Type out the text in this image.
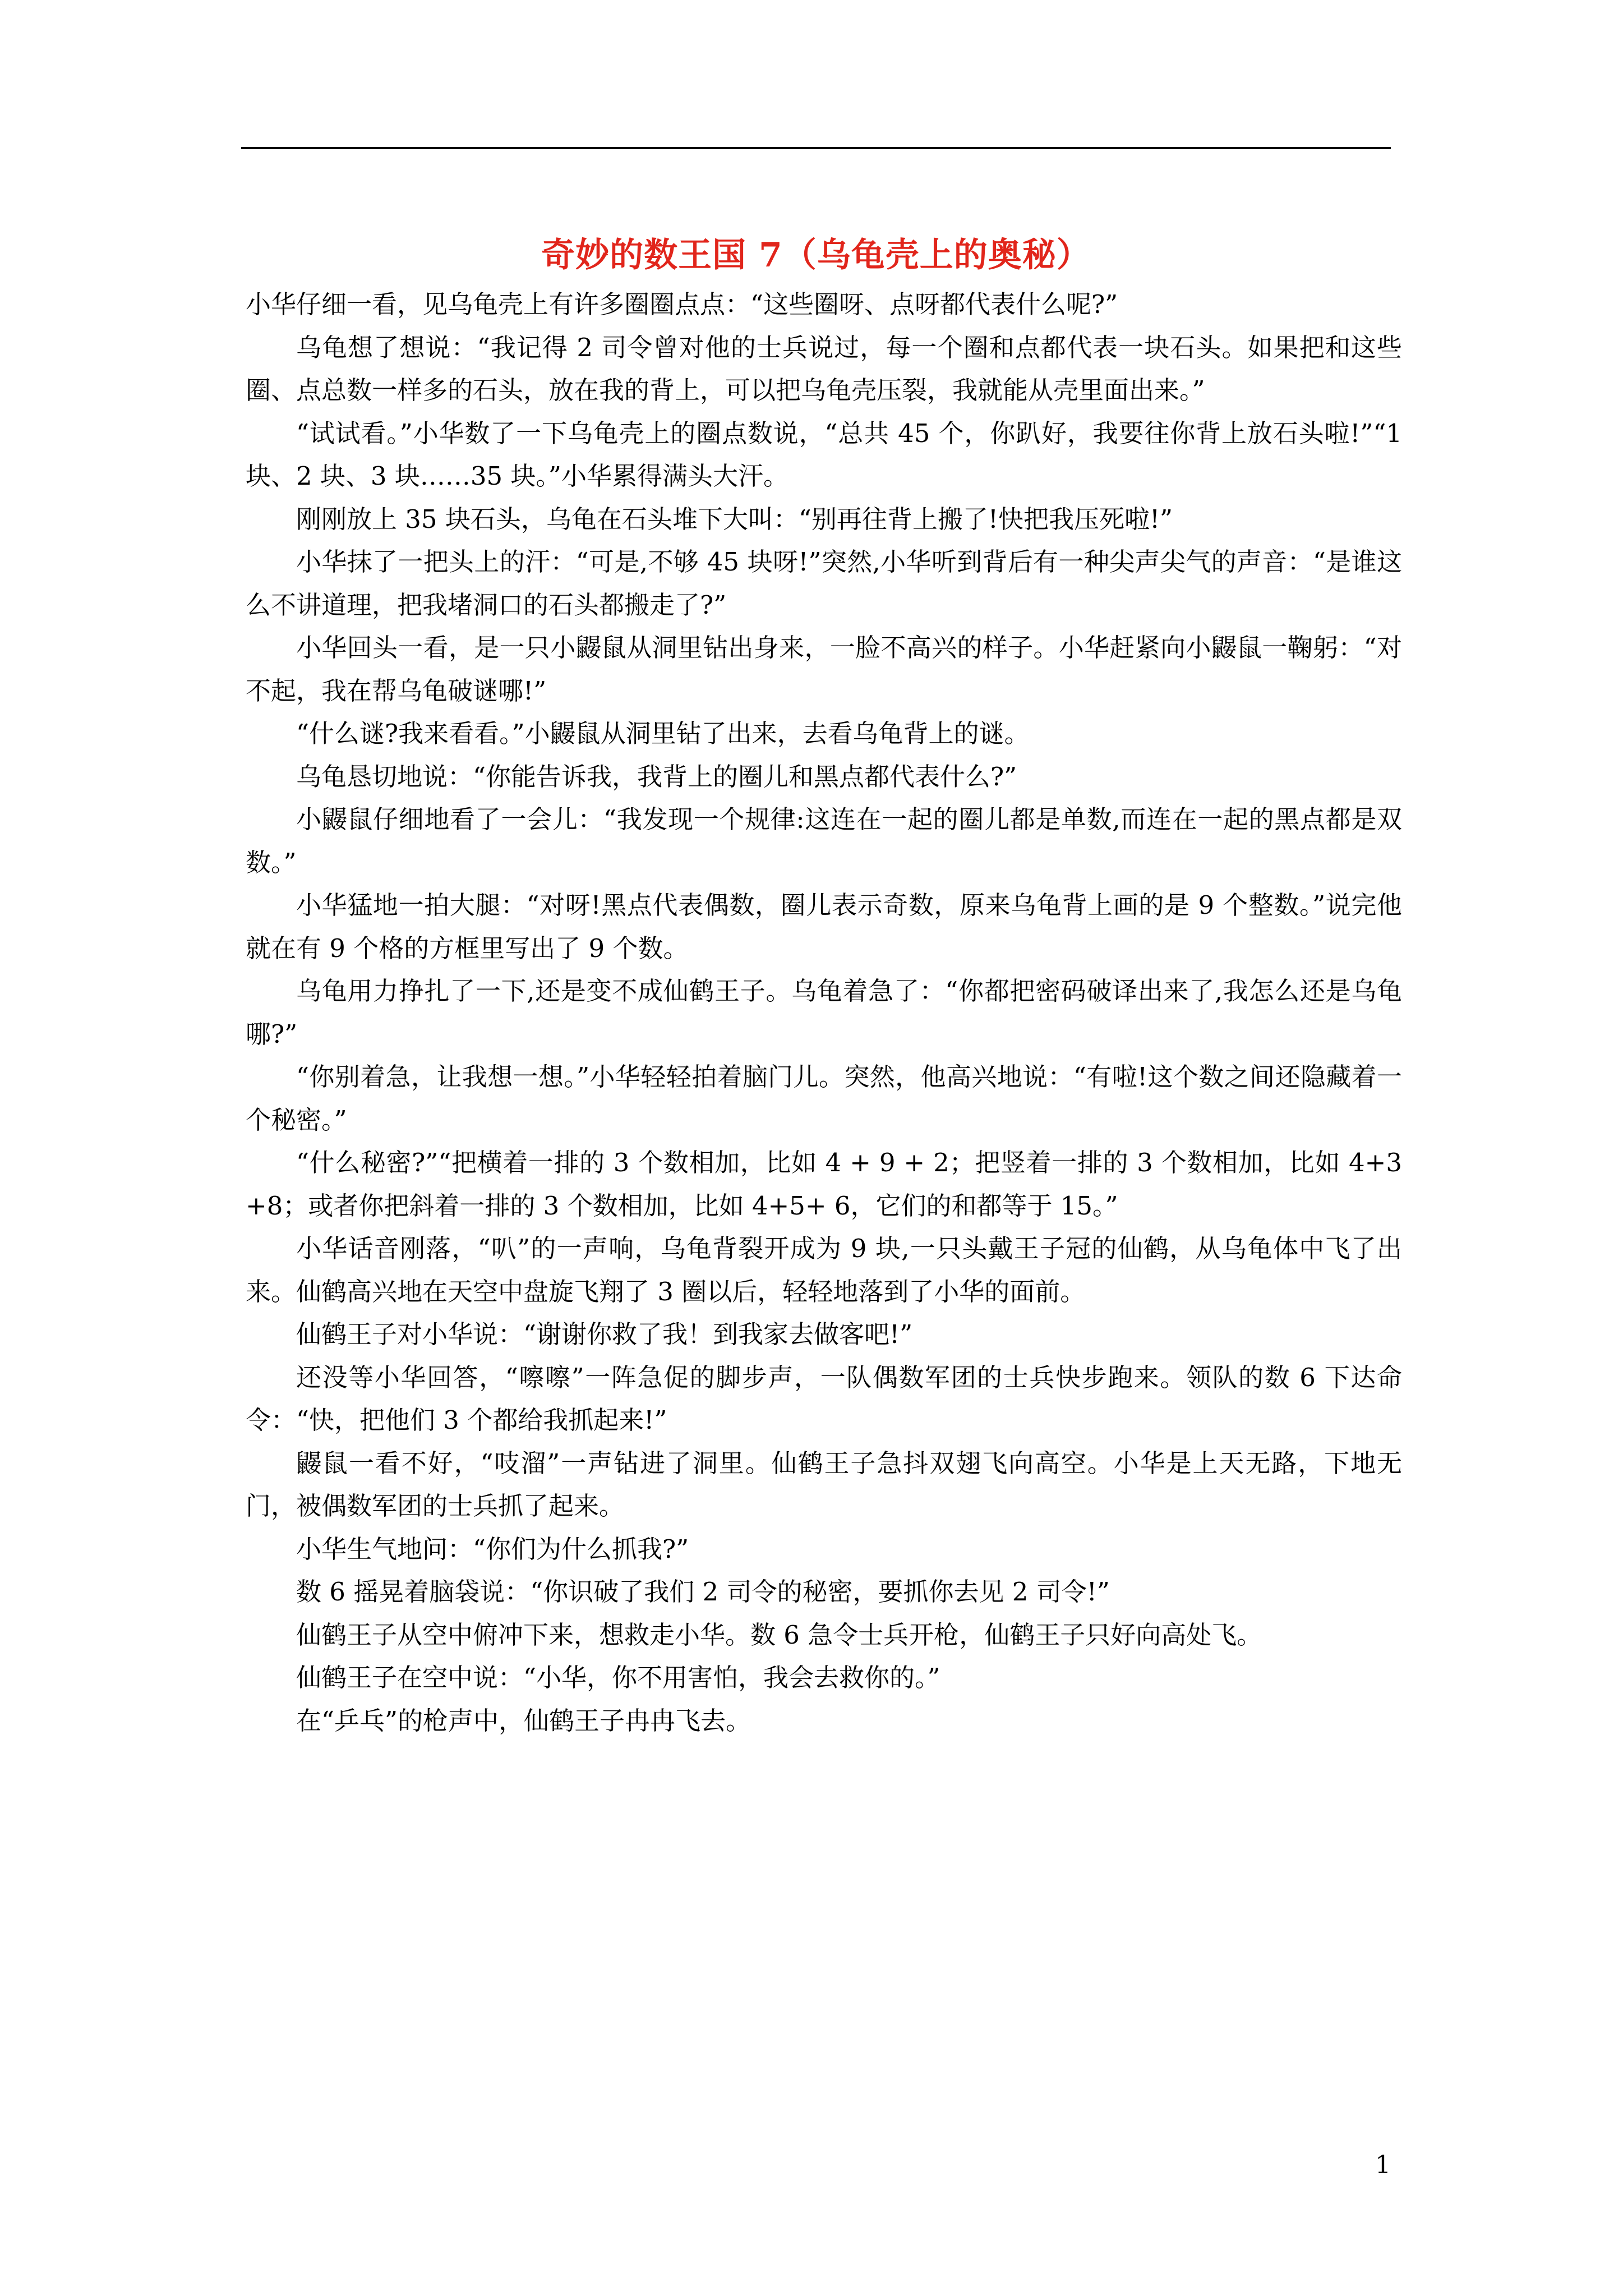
奇妙的数王国 7（乌龟壳上的奥秘）

小华仔细一看，见乌龟壳上有许多圈圈点点：“这些圈呀、点呀都代表什么呢?”

乌龟想了想说：“我记得 2 司令曾对他的士兵说过，每一个圈和点都代表一块石头。如果把和这些圈、点总数一样多的石头，放在我的背上，可以把乌龟壳压裂，我就能从壳里面出来。”

“试试看。”小华数了一下乌龟壳上的圈点数说，“总共 45 个，你趴好，我要往你背上放石头啦!”“1 块、2 块、3 块……35 块。”小华累得满头大汗。

刚刚放上 35 块石头，乌龟在石头堆下大叫：“别再往背上搬了!快把我压死啦!”

小华抹了一把头上的汗：“可是,不够 45 块呀!”突然,小华听到背后有一种尖声尖气的声音：“是谁这么不讲道理，把我堵洞口的石头都搬走了?”

小华回头一看，是一只小鼹鼠从洞里钻出身来，一脸不高兴的样子。小华赶紧向小鼹鼠一鞠躬：“对不起，我在帮乌龟破谜哪!”

“什么谜?我来看看。”小鼹鼠从洞里钻了出来，去看乌龟背上的谜。

乌龟恳切地说：“你能告诉我，我背上的圈儿和黑点都代表什么?”

小鼹鼠仔细地看了一会儿：“我发现一个规律:这连在一起的圈儿都是单数,而连在一起的黑点都是双数。”

小华猛地一拍大腿：“对呀!黑点代表偶数，圈儿表示奇数，原来乌龟背上画的是 9 个整数。”说完他就在有 9 个格的方框里写出了 9 个数。

乌龟用力挣扎了一下,还是变不成仙鹤王子。乌龟着急了：“你都把密码破译出来了,我怎么还是乌龟哪?”

“你别着急，让我想一想。”小华轻轻拍着脑门儿。突然，他高兴地说：“有啦!这个数之间还隐藏着一个秘密。”

“什么秘密?”“把横着一排的 3 个数相加，比如 4 + 9 + 2；把竖着一排的 3 个数相加，比如 4+3 +8；或者你把斜着一排的 3 个数相加，比如 4+5+ 6，它们的和都等于 15。”

小华话音刚落，“叭”的一声响，乌龟背裂开成为 9 块,一只头戴王子冠的仙鹤，从乌龟体中飞了出来。仙鹤高兴地在天空中盘旋飞翔了 3 圈以后，轻轻地落到了小华的面前。

仙鹤王子对小华说：“谢谢你救了我！到我家去做客吧!”

还没等小华回答，“嚓嚓”一阵急促的脚步声，一队偶数军团的士兵快步跑来。领队的数 6 下达命令：“快，把他们 3 个都给我抓起来!”

鼹鼠一看不好，“吱溜”一声钻进了洞里。仙鹤王子急抖双翅飞向高空。小华是上天无路，下地无门，被偶数军团的士兵抓了起来。

小华生气地问：“你们为什么抓我?”

数 6 摇晃着脑袋说：“你识破了我们 2 司令的秘密，要抓你去见 2 司令!”

仙鹤王子从空中俯冲下来，想救走小华。数 6 急令士兵开枪，仙鹤王子只好向高处飞。

仙鹤王子在空中说：“小华，你不用害怕，我会去救你的。”

在“乒乓”的枪声中，仙鹤王子冉冉飞去。

1
